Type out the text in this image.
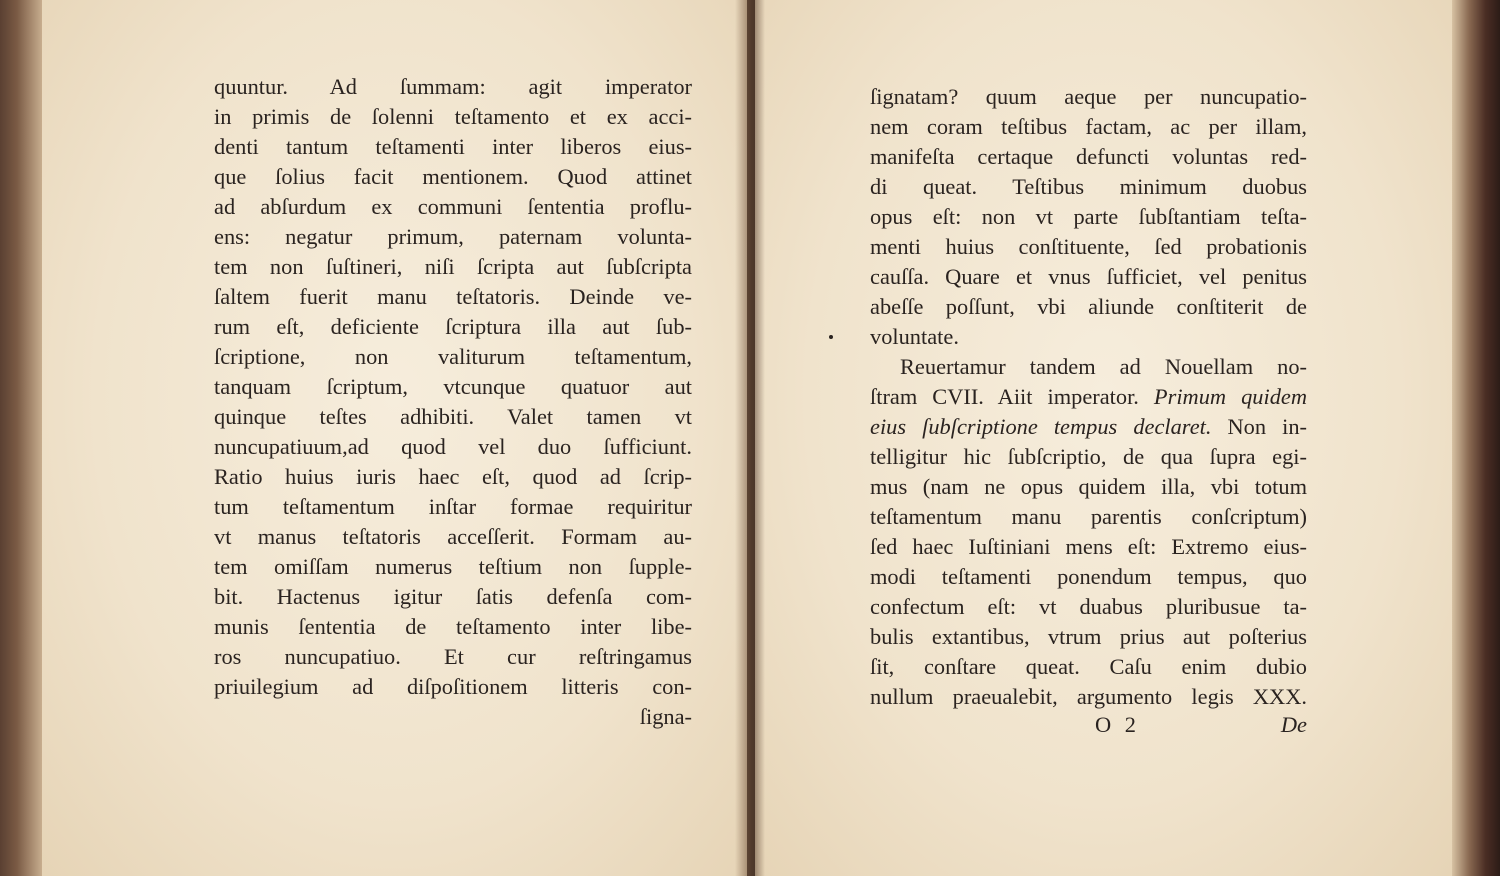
quuntur. Ad ſummam: agit imperator
in primis de ſolenni teſtamento et ex acci-
denti tantum teſtamenti inter liberos eius-
que ſolius facit mentionem. Quod attinet
ad abſurdum ex communi ſententia proflu-
ens: negatur primum, paternam volunta-
tem non ſuſtineri, niſi ſcripta aut ſubſcripta
ſaltem fuerit manu teſtatoris. Deinde ve-
rum eſt, deficiente ſcriptura illa aut ſub-
ſcriptione, non valiturum teſtamentum,
tanquam ſcriptum, vtcunque quatuor aut
quinque teſtes adhibiti. Valet tamen vt
nuncupatiuum,ad quod vel duo ſufficiunt.
Ratio huius iuris haec eſt, quod ad ſcrip-
tum teſtamentum inſtar formae requiritur
vt manus teſtatoris acceſſerit. Formam au-
tem omiſſam numerus teſtium non ſupple-
bit. Hactenus igitur ſatis defenſa com-
munis ſententia de teſtamento inter libe-
ros nuncupatiuo. Et cur reſtringamus
priuilegium ad diſpoſitionem litteris con-
ſigna-
ſignatam? quum aeque per nuncupatio-
nem coram teſtibus factam, ac per illam,
manifeſta certaque defuncti voluntas red-
di queat. Teſtibus minimum duobus
opus eſt: non vt parte ſubſtantiam teſta-
menti huius conſtituente, ſed probationis
cauſſa. Quare et vnus ſufficiet, vel penitus
abeſſe poſſunt, vbi aliunde conſtiterit de
voluntate.
Reuertamur tandem ad Nouellam no-
ſtram CVII. Aiit imperator. Primum quidem
eius ſubſcriptione tempus declaret. Non in-
telligitur hic ſubſcriptio, de qua ſupra egi-
mus (nam ne opus quidem illa, vbi totum
teſtamentum manu parentis conſcriptum)
ſed haec Iuſtiniani mens eſt: Extremo eius-
modi teſtamenti ponendum tempus, quo
confectum eſt: vt duabus pluribusue ta-
bulis extantibus, vtrum prius aut poſterius
ſit, conſtare queat. Caſu enim dubio
nullum praeualebit, argumento legis XXX.
O 2	De
